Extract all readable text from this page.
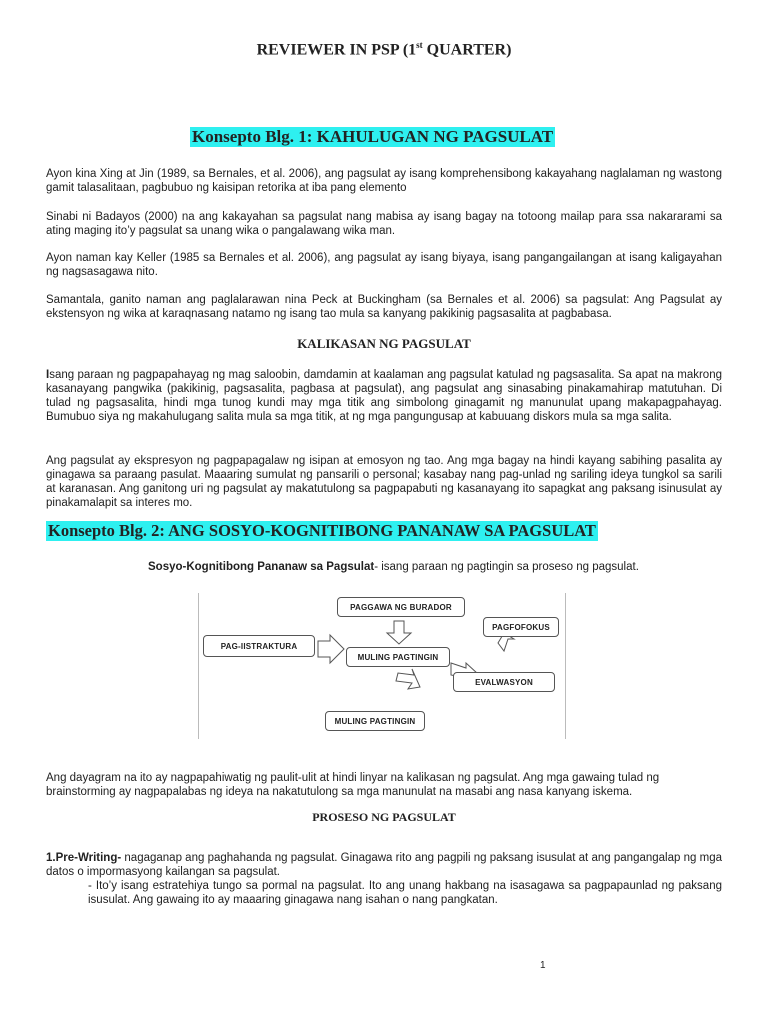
REVIEWER IN PSP (1st QUARTER)
Konsepto Blg. 1: KAHULUGAN NG PAGSULAT
Ayon kina Xing at Jin (1989, sa Bernales, et al. 2006), ang pagsulat ay isang komprehensibong kakayahang naglalaman ng wastong gamit talasalitaan, pagbubuo ng kaisipan retorika at iba pang elemento
Sinabi ni Badayos (2000) na ang kakayahan sa pagsulat nang mabisa ay isang bagay na totoong mailap para ssa nakararami sa ating maging ito’y pagsulat sa unang wika o pangalawang wika man.
Ayon naman kay Keller (1985 sa Bernales et al. 2006), ang pagsulat ay isang biyaya, isang pangangailangan at isang kaligayahan ng nagsasagawa nito.
Samantala, ganito naman ang paglalarawan nina Peck at Buckingham (sa Bernales et al. 2006) sa pagsulat: Ang Pagsulat ay ekstensyon ng wika at karaqnasang natamo ng isang tao mula sa kanyang pakikinig pagsasalita at pagbabasa.
KALIKASAN NG PAGSULAT
Isang paraan ng pagpapahayag ng mag saloobin, damdamin at kaalaman ang pagsulat katulad ng pagsasalita. Sa apat na makrong kasanayang pangwika (pakikinig, pagsasalita, pagbasa at pagsulat), ang pagsulat ang sinasabing pinakamahirap matutuhan. Di tulad ng pagsasalita, hindi mga tunog kundi may mga titik ang simbolong ginagamit ng manunulat upang makapagpahayag. Bumubuo siya ng makahulugang salita mula sa mga titik, at ng mga pangungusap at kabuuang diskors mula sa mga salita.
Ang pagsulat ay ekspresyon ng pagpapagalaw ng isipan at emosyon ng tao. Ang mga bagay na hindi kayang sabihing pasalita ay ginagawa sa paraang pasulat. Maaaring sumulat ng pansarili o personal; kasabay nang pag-unlad ng sariling ideya tungkol sa sarili at karanasan. Ang ganitong uri ng pagsulat ay makatutulong sa pagpapabuti ng kasanayang ito sapagkat ang paksang isinusulat ay pinakamalapit sa interes mo.
Konsepto Blg. 2: ANG SOSYO-KOGNITIBONG PANANAW SA PAGSULAT
Sosyo-Kognitibong Pananaw sa Pagsulat- isang paraan ng pagtingin sa proseso ng pagsulat.
PAGGAWA NG BURADOR
PAGFOFOKUS
PAG-IISTRAKTURA
MULING PAGTINGIN
EVALWASYON
MULING PAGTINGIN
Ang dayagram na ito ay nagpapahiwatig ng paulit-ulit at hindi linyar na kalikasan ng pagsulat. Ang mga gawaing tulad ng brainstorming ay nagpapalabas ng ideya na nakatutulong sa mga manunulat na masabi ang nasa kanyang iskema.
PROSESO NG PAGSULAT
1.Pre-Writing- nagaganap ang paghahanda ng pagsulat. Ginagawa rito ang pagpili ng paksang isusulat at ang pangangalap ng mga datos o impormasyong kailangan sa pagsulat.
- Ito’y isang estratehiya tungo sa pormal na pagsulat. Ito ang unang hakbang na isasagawa sa pagpapaunlad ng paksang isusulat. Ang gawaing ito ay maaaring ginagawa nang isahan o nang pangkatan.
1
